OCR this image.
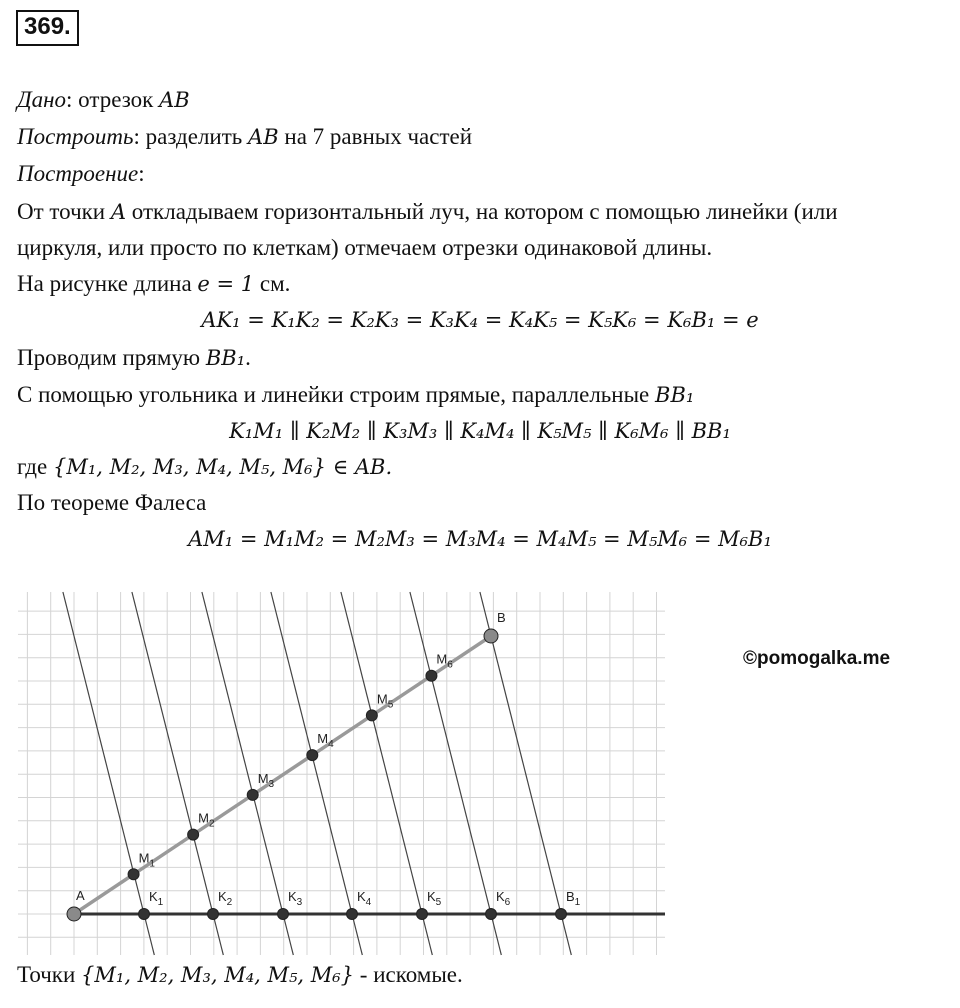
369.
Дано: отрезок AB
Построить: разделить AB на 7 равных частей
Построение:
От точки A откладываем горизонтальный луч, на котором с помощью линейки (или
циркуля, или просто по клеткам) отмечаем отрезки одинаковой длины.
На рисунке длина e = 1 см.
AK₁ = K₁K₂ = K₂K₃ = K₃K₄ = K₄K₅ = K₅K₆ = K₆B₁ = e
Проводим прямую BB₁.
С помощью угольника и линейки строим прямые, параллельные BB₁
K₁M₁ ∥ K₂M₂ ∥ K₃M₃ ∥ K₄M₄ ∥ K₅M₅ ∥ K₆M₆ ∥ BB₁
где {M₁, M₂, M₃, M₄, M₅, M₆} ∈ AB.
По теореме Фалеса
AM₁ = M₁M₂ = M₂M₃ = M₃M₄ = M₄M₅ = M₅M₆ = M₆B₁
A	$K_1$	$K_2$	$K_3$	$K_4$	$K_5$	$K_6$	$B_1$
B
$M_1$
$M_2$
$M_3$
$M_4$
$M_5$
$M_6$	©pomogalka.me
Точки {M₁, M₂, M₃, M₄, M₅, M₆} - искомые.
